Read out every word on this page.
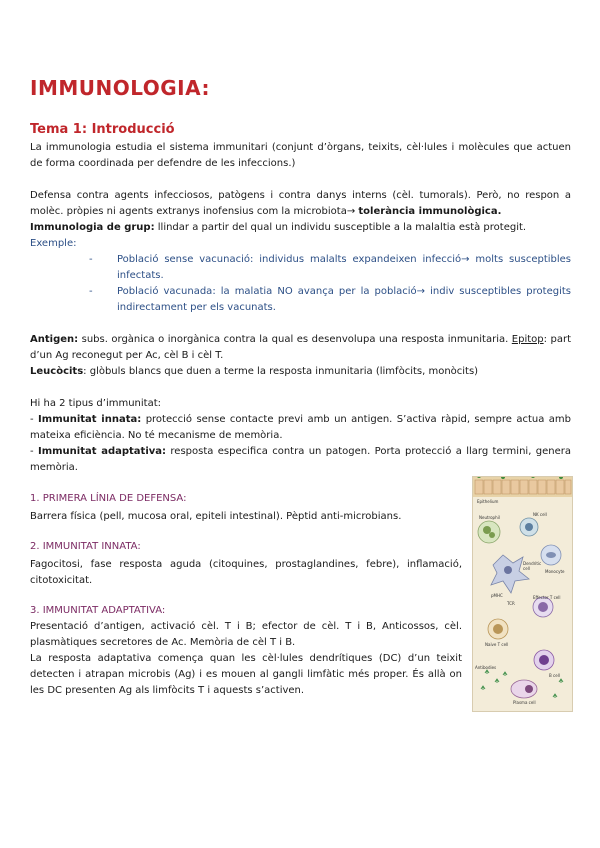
IMMUNOLOGIA:
Tema 1: Introducció
La immunologia estudia el sistema immunitari (conjunt d’òrgans, teixits, cèl·lules i molècules que actuen de forma coordinada per defendre de les infeccions.)
Defensa contra agents infecciosos, patògens i contra danys interns (cèl. tumorals). Però, no respon a molèc. pròpies ni agents extranys inofensius com la microbiota→ tolerància immunològica.
Immunologia de grup: llindar a partir del qual un individu susceptible a la malaltia està protegit.
Exemple:
- Població sense vacunació: individus malalts expandeixen infecció→ molts susceptibles infectats.
- Població vacunada: la malatia NO avança per la població→ indiv susceptibles protegits indirectament per els vacunats.
Antigen: subs. orgànica o inorgànica contra la qual es desenvolupa una resposta inmunitaria. Epitop: part d’un Ag reconegut per Ac, cèl B i cèl T.
Leucòcits: glòbuls blancs que duen a terme la resposta inmunitaria (limfòcits, monòcits)
Hi ha 2 tipus d’immunitat:
- Immunitat innata: protecció sense contacte previ amb un antigen. S’activa ràpid, sempre actua amb mateixa eficiència. No té mecanisme de memòria.
- Immunitat adaptativa: resposta especifica contra un patogen. Porta protecció a llarg termini, genera memòria.
1. PRIMERA LÍNIA DE DEFENSA:
Barrera física (pell, mucosa oral, epiteli intestinal). Pèptid anti-microbians.
2. IMMUNITAT INNATA:
Fagocitosi, fase resposta aguda (citoquines, prostaglandines, febre), inflamació, citotoxicitat.
3. IMMUNITAT ADAPTATIVA:
Presentació d’antigen, activació cèl. T i B; efector de cèl. T i B, Anticossos, cèl. plasmàtiques secretores de Ac. Memòria de cèl T i B.
La resposta adaptativa comença quan les cèl·lules dendrítiques (DC) d’un teixit detecten i atrapan microbis (Ag) i es mouen al gangli limfàtic més proper. És allà on les DC presenten Ag als limfòcits T i aquests s’activen.
Epithelium
Neutrophil
NK cell
Dendritic cell
Monocyte
pMHC
TCR
Effector T cell
Naive T cell
Antibodies
B cell
Plasma cell
